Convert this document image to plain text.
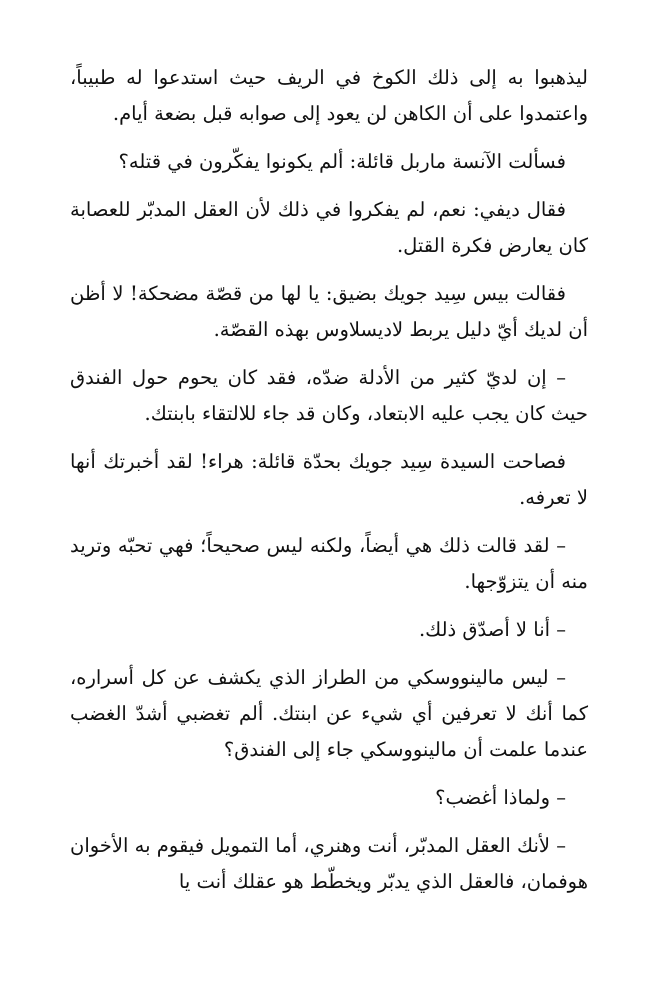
ليذهبوا به إلى ذلك الكوخ في الريف حيث استدعوا له طبيباً، واعتمدوا على أن الكاهن لن يعود إلى صوابه قبل بضعة أيام.

فسألت الآنسة ماربل قائلة: ألم يكونوا يفكّرون في قتله؟

فقال ديفي: نعم، لم يفكروا في ذلك لأن العقل المدبّر للعصابة كان يعارض فكرة القتل.

فقالت بيس سِيد جويك بضيق: يا لها من قصّة مضحكة! لا أظن أن لديك أيّ دليل يربط لاديسلاوس بهذه القصّة.

– إن لديّ كثير من الأدلة ضدّه، فقد كان يحوم حول الفندق حيث كان يجب عليه الابتعاد، وكان قد جاء للالتقاء بابنتك.

فصاحت السيدة سِيد جويك بحدّة قائلة: هراء! لقد أخبرتك أنها لا تعرفه.

– لقد قالت ذلك هي أيضاً، ولكنه ليس صحيحاً؛ فهي تحبّه وتريد منه أن يتزوّجها.

– أنا لا أصدّق ذلك.

– ليس مالينووسكي من الطراز الذي يكشف عن كل أسراره، كما أنك لا تعرفين أي شيء عن ابنتك. ألم تغضبي أشدّ الغضب عندما علمت أن مالينووسكي جاء إلى الفندق؟

– ولماذا أغضب؟

– لأنك العقل المدبّر، أنت وهنري، أما التمويل فيقوم به الأخوان هوفمان، فالعقل الذي يدبّر ويخطّط هو عقلك أنت يا
